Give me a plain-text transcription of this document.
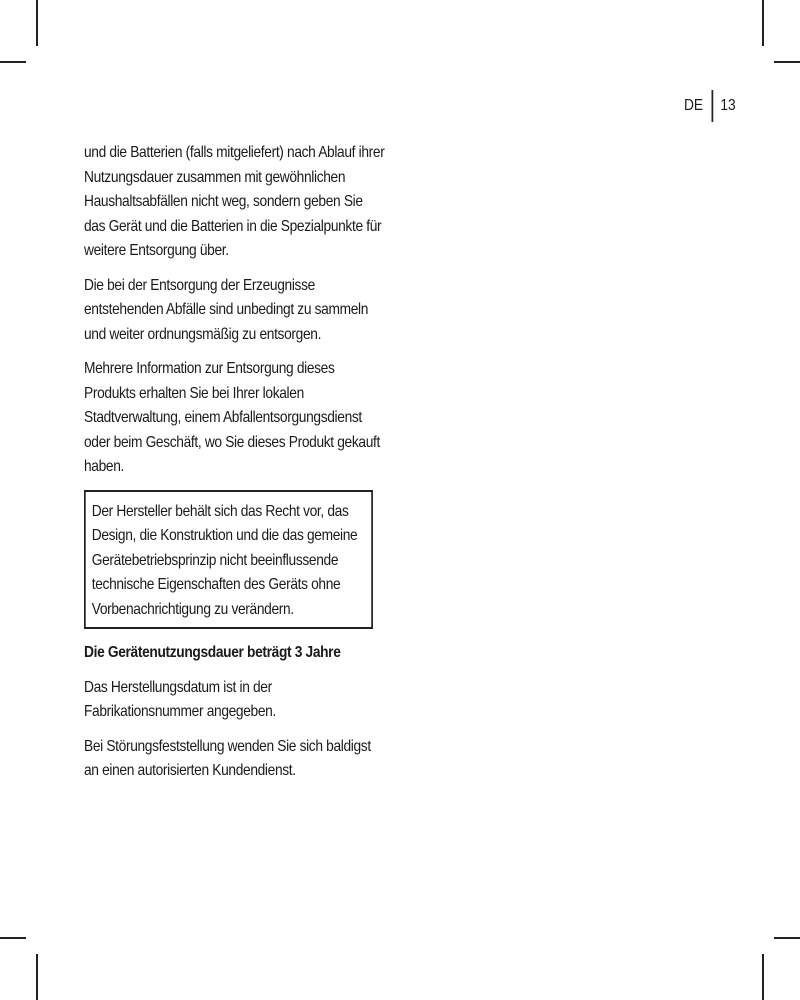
DE 13

und die Batterien (falls mitgeliefert) nach Ablauf ihrer Nutzungsdauer zusammen mit gewöhnlichen Haushaltsabfällen nicht weg, sondern geben Sie das Gerät und die Batterien in die Spezialpunkte für weitere Entsorgung über.

Die bei der Entsorgung der Erzeugnisse entstehenden Abfälle sind unbedingt zu sammeln und weiter ordnungsmäßig zu entsorgen.

Mehrere Information zur Entsorgung dieses Produkts erhalten Sie bei Ihrer lokalen Stadtverwaltung, einem Abfallentsorgungsdienst oder beim Geschäft, wo Sie dieses Produkt gekauft haben.

Der Hersteller behält sich das Recht vor, das Design, die Konstruktion und die das gemeine Gerätebetriebsprinzip nicht beeinflussende technische Eigenschaften des Geräts ohne Vorbenachrichtigung zu verändern.

Die Gerätenutzungsdauer beträgt 3 Jahre

Das Herstellungsdatum ist in der Fabrikationsnummer angegeben.

Bei Störungsfeststellung wenden Sie sich baldigst an einen autorisierten Kundendienst.
